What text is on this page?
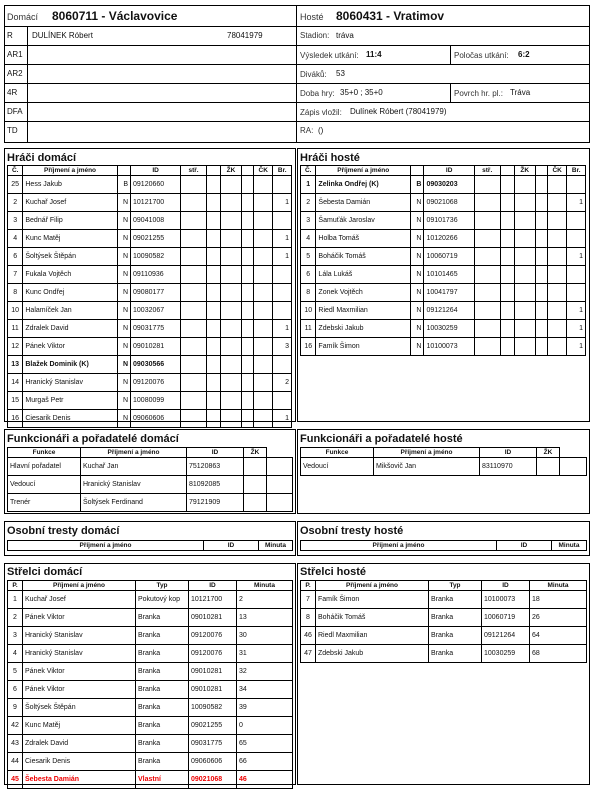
Domácí 8060711 - Václavovice	Hosté 8060431 - Vratimov
R DULÍNEK Róbert	78041979
AR1
AR2
4R
DFA
TD
Stadion: tráva
Výsledek utkání: 11:4	Poločas utkání: 6:2
Diváků: 53
Doba hry: 35+0 ; 35+0	Povrch hr. pl.: Tráva
Zápis vložil: Dulínek Róbert (78041979)
RA: ()
Hráči domácí	Hráči hosté
Č.	Příjmení a jméno		ID	stř.		ŽK		ČK	Br.
25	Hess Jakub	B	09120660						
2	Kuchař Josef	N	10121700						1
3	Bednář Filip	N	09041008						
4	Kunc Matěj	N	09021255						1
6	Šoltýsek Štěpán	N	10090582						1
7	Fukala Vojtěch	N	09110936						
8	Kunc Ondřej	N	09080177						
10	Halamíček Jan	N	10032067						
11	Zdralek David	N	09031775						1
12	Pánek Viktor	N	09010281						3
13	Blažek Dominik (K)	N	09030566						
14	Hranický Stanislav	N	09120076						2
15	Murgaš Petr	N	10080099						
16	Ciesarik Denis	N	09060606						1
Č.	Příjmení a jméno		ID	stř.		ŽK		ČK	Br.
1	Zelinka Ondřej (K)	B	09030203						
2	Šebesta Damián	N	09021068						1
3	Šamuťák Jaroslav	N	09101736						
4	Holba Tomáš	N	10120266						
5	Boháčik Tomáš	N	10060719						1
6	Lála Lukáš	N	10101465						
8	Zonek Vojtěch	N	10041797						
10	Riedl Maxmilian	N	09121264						1
11	Zdebski Jakub	N	10030259						1
16	Famík Šimon	N	10100073						1
Funkcionáři a pořadatelé domácí	Funkcionáři a pořadatelé hosté
Funkce	Příjmení a jméno	ID	ŽK	
Hlavní pořadatel	Kuchař Jan	75120863		
Vedoucí	Hranický Stanislav	81092085		
Trenér	Šoltýsek Ferdinand	79121909		
Funkce	Příjmení a jméno	ID	ŽK	
Vedoucí	Mikšovič Jan	83110970		
Osobní tresty domácí	Osobní tresty hosté
Příjmení a jméno	ID	Minuta	Příjmení a jméno	ID	Minuta
Střelci domácí	Střelci hosté
P.	Příjmení a jméno	Typ	ID	Minuta
1	Kuchař Josef	Pokutový kop	10121700	2
2	Pánek Viktor	Branka	09010281	13
3	Hranický Stanislav	Branka	09120076	30
4	Hranický Stanislav	Branka	09120076	31
5	Pánek Viktor	Branka	09010281	32
6	Pánek Viktor	Branka	09010281	34
9	Šoltýsek Štěpán	Branka	10090582	39
42	Kunc Matěj	Branka	09021255	0
43	Zdralek David	Branka	09031775	65
44	Ciesarik Denis	Branka	09060606	66
45	Šebesta Damián	Vlastní	09021068	46
P.	Příjmení a jméno	Typ	ID	Minuta
7	Famík Šimon	Branka	10100073	18
8	Boháčik Tomáš	Branka	10060719	26
46	Riedl Maxmilian	Branka	09121264	64
47	Zdebski Jakub	Branka	10030259	68
